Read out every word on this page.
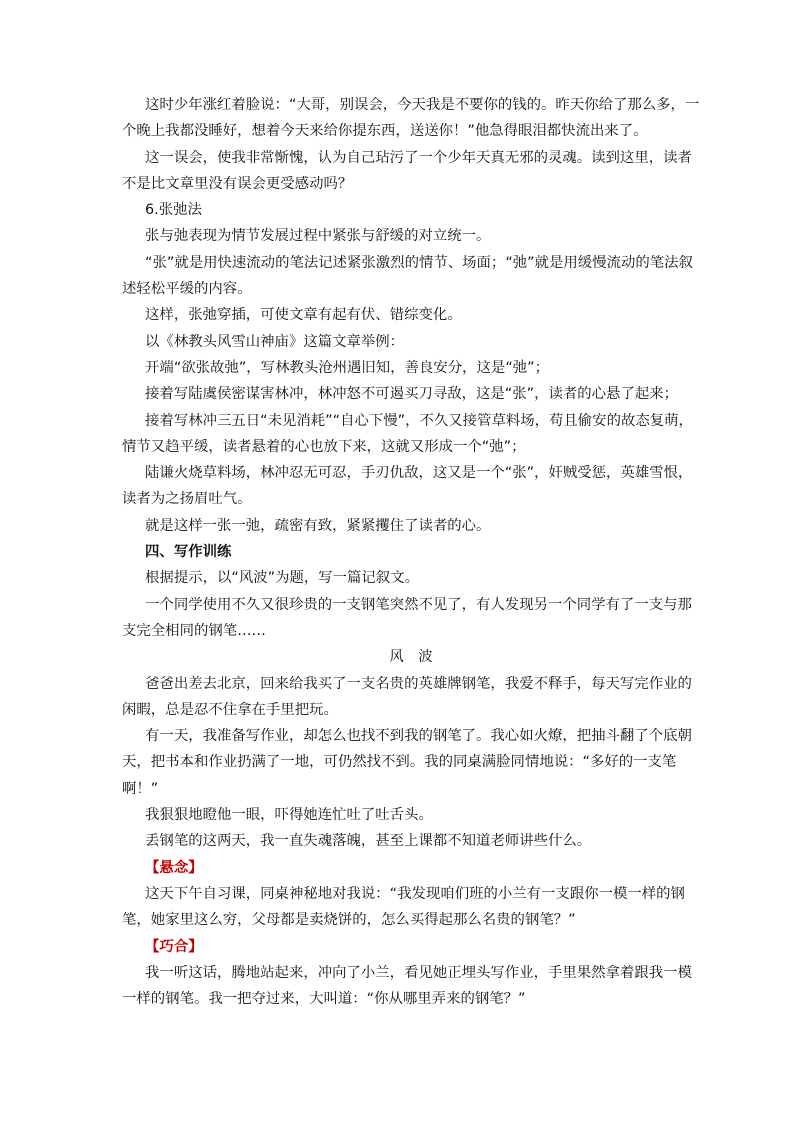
这时少年涨红着脸说：“大哥，别误会，今天我是不要你的钱的。昨天你给了那么多，一个晚上我都没睡好，想着今天来给你提东西，送送你！”他急得眼泪都快流出来了。

这一误会，使我非常惭愧，认为自己玷污了一个少年天真无邪的灵魂。读到这里，读者不是比文章里没有误会更受感动吗？

6.张弛法

张与弛表现为情节发展过程中紧张与舒缓的对立统一。

“张”就是用快速流动的笔法记述紧张激烈的情节、场面；“弛”就是用缓慢流动的笔法叙述轻松平缓的内容。

这样，张弛穿插，可使文章有起有伏、错综变化。

以《林教头风雪山神庙》这篇文章举例：

开端“欲张故弛”，写林教头沧州遇旧知，善良安分，这是“弛”；

接着写陆虞侯密谋害林冲，林冲怒不可遏买刀寻敌，这是“张”，读者的心悬了起来；

接着写林冲三五日“未见消耗”“自心下慢”，不久又接管草料场，苟且偷安的故态复萌，情节又趋平缓，读者悬着的心也放下来，这就又形成一个“弛”；

陆谦火烧草料场，林冲忍无可忍，手刃仇敌，这又是一个“张”，奸贼受惩，英雄雪恨，读者为之扬眉吐气。

就是这样一张一弛，疏密有致，紧紧攫住了读者的心。

四、写作训练

根据提示，以“风波”为题，写一篇记叙文。

一个同学使用不久又很珍贵的一支钢笔突然不见了，有人发现另一个同学有了一支与那支完全相同的钢笔……

风　波

爸爸出差去北京，回来给我买了一支名贵的英雄牌钢笔，我爱不释手，每天写完作业的闲暇，总是忍不住拿在手里把玩。

有一天，我准备写作业，却怎么也找不到我的钢笔了。我心如火燎，把抽斗翻了个底朝天，把书本和作业扔满了一地，可仍然找不到。我的同桌满脸同情地说：“多好的一支笔啊！”

我狠狠地瞪他一眼，吓得她连忙吐了吐舌头。

丢钢笔的这两天，我一直失魂落魄，甚至上课都不知道老师讲些什么。

【悬念】

这天下午自习课，同桌神秘地对我说：“我发现咱们班的小兰有一支跟你一模一样的钢笔，她家里这么穷，父母都是卖烧饼的，怎么买得起那么名贵的钢笔？”

【巧合】

我一听这话，腾地站起来，冲向了小兰，看见她正埋头写作业，手里果然拿着跟我一模一样的钢笔。我一把夺过来，大叫道：“你从哪里弄来的钢笔？”
